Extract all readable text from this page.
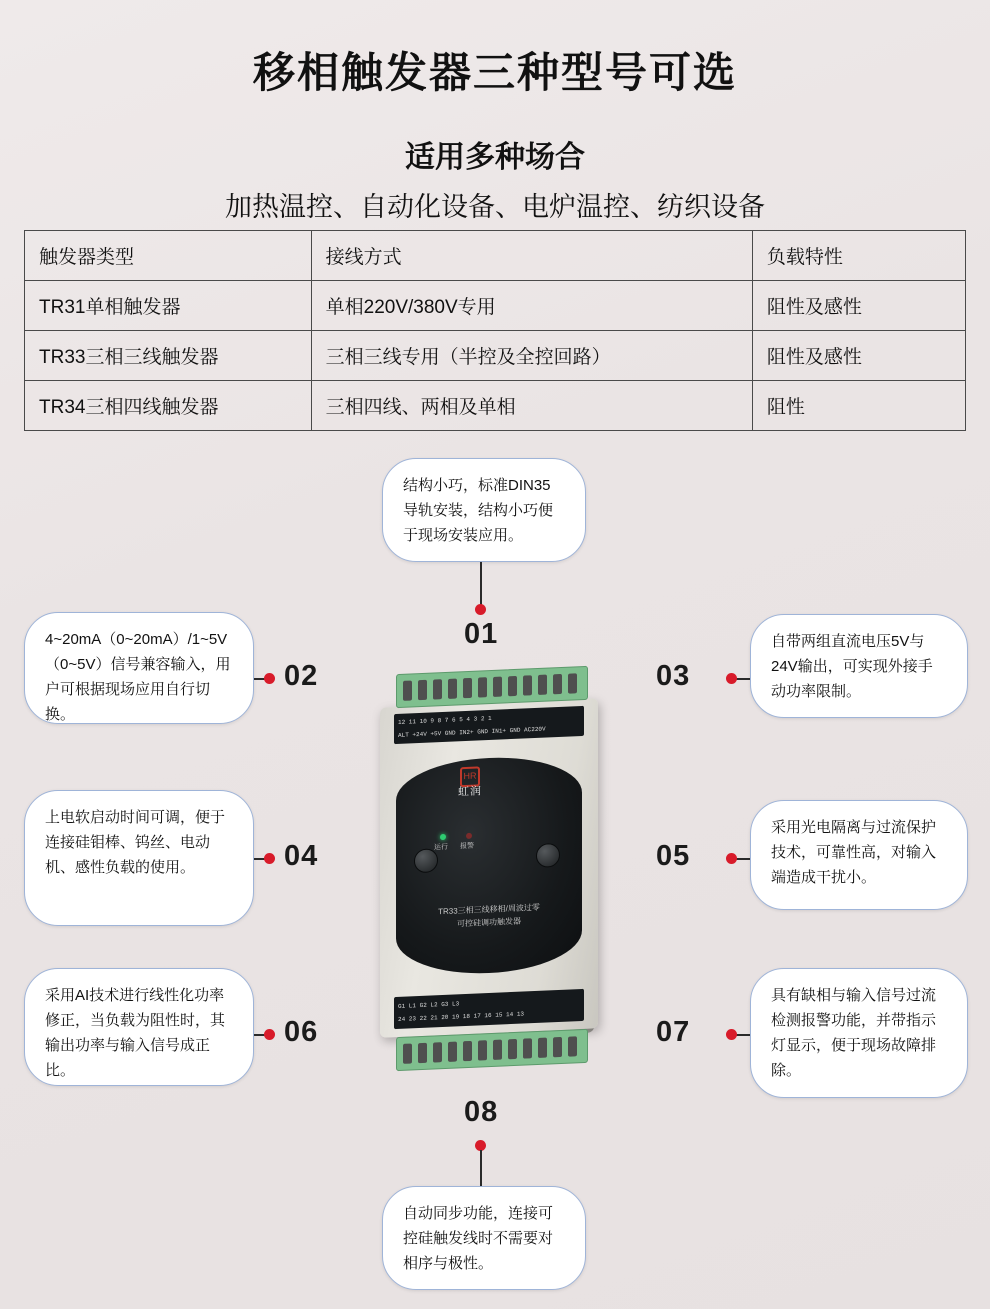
移相触发器三种型号可选
适用多种场合
加热温控、自动化设备、电炉温控、纺织设备
触发器类型	接线方式	负载特性
TR31单相触发器	单相220V/380V专用	阻性及感性
TR33三相三线触发器	三相三线专用（半控及全控回路）	阻性及感性
TR34三相四线触发器	三相四线、两相及单相	阻性
12 11 10 9 8 7 6 5 4 3 2 1
ALT +24V +5V GND IN2+ GND IN1+ GND AC220V
HR
虹润
运行 报警
TR33三相三线移相/周波过零
可控硅调功触发器
G1 L1 G2 L2 G3 L3
24 23 22 21 20 19 18 17 16 15 14 13
结构小巧，标准DIN35导轨安装，结构小巧便于现场安装应用。
01
4~20mA（0~20mA）/1~5V（0~5V）信号兼容输入，用户可根据现场应用自行切换。
02
自带两组直流电压5V与24V输出，可实现外接手动功率限制。
03
上电软启动时间可调，便于连接硅钼棒、钨丝、电动机、感性负载的使用。	04
采用光电隔离与过流保护技术，可靠性高，对输入端造成干扰小。
05
采用AI技术进行线性化功率修正，当负载为阻性时，其输出功率与输入信号成正比。
06
具有缺相与输入信号过流检测报警功能，并带指示灯显示，便于现场故障排除。
07
08
自动同步功能，连接可控硅触发线时不需要对相序与极性。
